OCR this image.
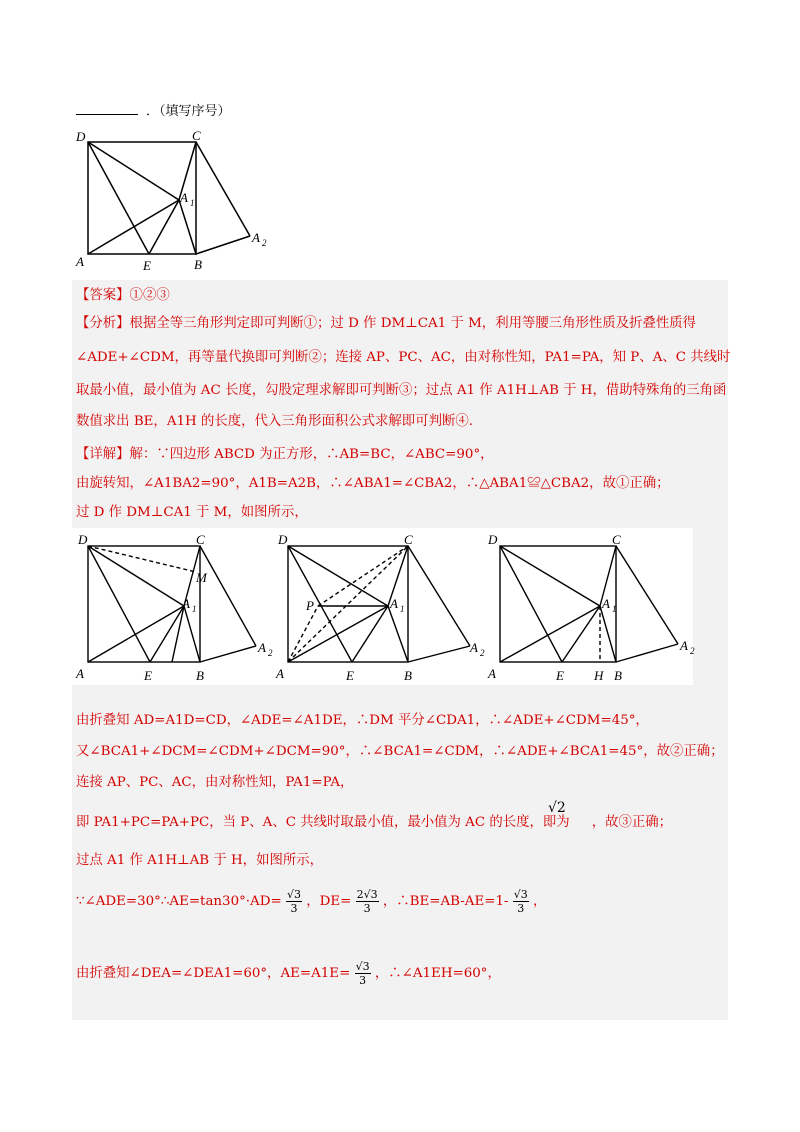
．（填写序号）
D	C
A	E	B
A 1
A 2
【答案】①②③
【分析】根据全等三角形判定即可判断①；过 D 作 DM⊥CA1 于 M，利用等腰三角形性质及折叠性质得
∠ADE+∠CDM，再等量代换即可判断②；连接 AP、PC、AC，由对称性知，PA1=PA，知 P、A、C 共线时
取最小值，最小值为 AC 长度，勾股定理求解即可判断③；过点 A1 作 A1H⊥AB 于 H，借助特殊角的三角函
数值求出 BE，A1H 的长度，代入三角形面积公式求解即可判断④．
【详解】解：∵四边形 ABCD 为正方形，∴AB=BC，∠ABC=90°，
由旋转知，∠A1BA2=90°，A1B=A2B，∴∠ABA1=∠CBA2，∴△ABA1≌△CBA2，故①正确；
过 D 作 DM⊥CA1 于 M，如图所示，
D	C
M
A 1
A 2
A	E	B
D	C
P	A 1
A 2
A	E	B
D	C
A 1
A 2
A	E H B
由折叠知 AD=A1D=CD，∠ADE=∠A1DE，∴DM 平分∠CDA1，∴∠ADE+∠CDM=45°，
又∠BCA1+∠DCM=∠CDM+∠DCM=90°，∴∠BCA1=∠CDM，∴∠ADE+∠BCA1=45°，故②正确；
连接 AP、PC、AC，由对称性知，PA1=PA，
即 PA1+PC=PA+PC，当 P、A、C 共线时取最小值，最小值为 AC 的长度，即为 ，故③正确；
√2
过点 A1 作 A1H⊥AB 于 H，如图所示，
∵∠ADE=30°∴AE=tan30°·AD= $\frac{√3}{3}$ ，$DE= \frac{2√3}{3}$ ，∴BE=AB-AE=1- $\frac{√3}{3}$ ，
由折叠知∠DEA=∠DEA1=60°，$AE=A1E= \frac{√3}{3}$ ，∴∠A1EH=60°，
